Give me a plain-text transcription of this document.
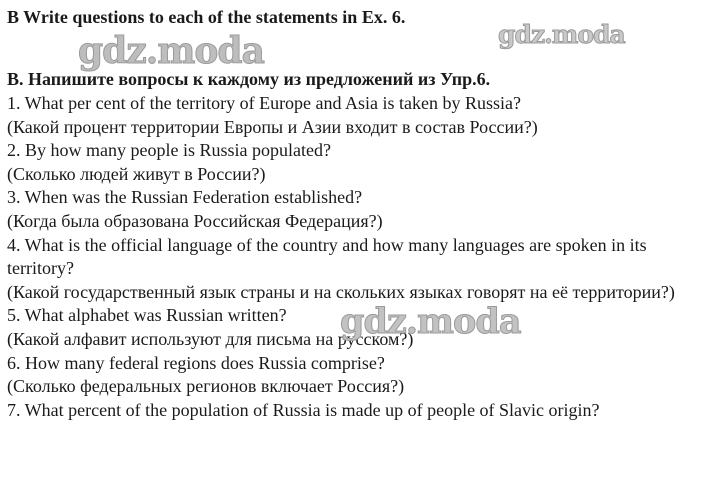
B Write questions to each of the statements in Ex. 6.
gdz.moda	gdz.moda
В. Напишите вопросы к каждому из предложений из Упр.6.
1. What per cent of the territory of Europe and Asia is taken by Russia?
(Какой процент территории Европы и Азии входит в состав России?)
2. By how many people is Russia populated?
(Сколько людей живут в России?)
3. When was the Russian Federation established?
(Когда была образована Российская Федерация?)
4. What is the official language of the country and how many languages are spoken in its territory?
(Какой государственный язык страны и на скольких языках говорят на её территории?)
5. What alphabet was Russian written?
(Какой алфавит используют для письма на русском?)
6. How many federal regions does Russia comprise?
(Сколько федеральных регионов включает Россия?)
7. What percent of the population of Russia is made up of people of Slavic origin?
gdz.moda
